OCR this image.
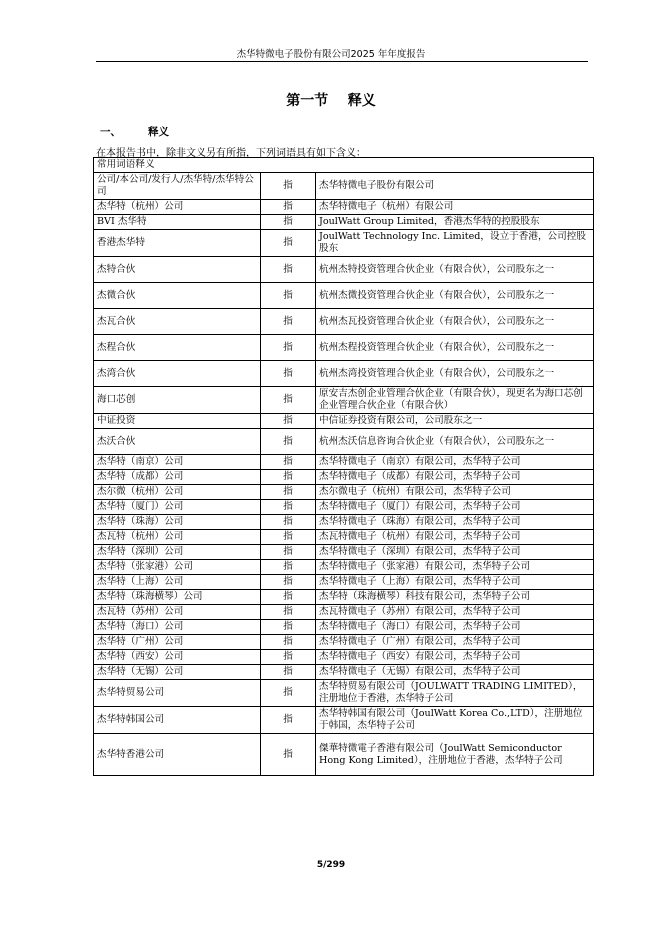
杰华特微电子股份有限公司2025 年年度报告
第一节    释义
一、	释义
在本报告书中，除非文义另有所指，下列词语具有如下含义：
常用词语释义		
公司/本公司/发行人/杰华特/杰华特公司	指	杰华特微电子股份有限公司
杰华特（杭州）公司	指	杰华特微电子（杭州）有限公司
BVI 杰华特	指	JoulWatt Group Limited，香港杰华特的控股股东
香港杰华特	指	JoulWatt Technology Inc. Limited，设立于香港，公司控股股东
杰特合伙	指	杭州杰特投资管理合伙企业（有限合伙），公司股东之一
杰微合伙	指	杭州杰微投资管理合伙企业（有限合伙），公司股东之一
杰瓦合伙	指	杭州杰瓦投资管理合伙企业（有限合伙），公司股东之一
杰程合伙	指	杭州杰程投资管理合伙企业（有限合伙），公司股东之一
杰湾合伙	指	杭州杰湾投资管理合伙企业（有限合伙），公司股东之一
海口芯创	指	原安吉杰创企业管理合伙企业（有限合伙），现更名为海口芯创企业管理合伙企业（有限合伙）
中证投资	指	中信证券投资有限公司，公司股东之一
杰沃合伙	指	杭州杰沃信息咨询合伙企业（有限合伙），公司股东之一
杰华特（南京）公司	指	杰华特微电子（南京）有限公司，杰华特子公司
杰华特（成都）公司	指	杰华特微电子（成都）有限公司，杰华特子公司
杰尔微（杭州）公司	指	杰尔微电子（杭州）有限公司，杰华特子公司
杰华特（厦门）公司	指	杰华特微电子（厦门）有限公司，杰华特子公司
杰华特（珠海）公司	指	杰华特微电子（珠海）有限公司，杰华特子公司
杰瓦特（杭州）公司	指	杰瓦特微电子（杭州）有限公司，杰华特子公司
杰华特（深圳）公司	指	杰华特微电子（深圳）有限公司，杰华特子公司
杰华特（张家港）公司	指	杰华特微电子（张家港）有限公司，杰华特子公司
杰华特（上海）公司	指	杰华特微电子（上海）有限公司，杰华特子公司
杰华特（珠海横琴）公司	指	杰华特（珠海横琴）科技有限公司，杰华特子公司
杰瓦特（苏州）公司	指	杰瓦特微电子（苏州）有限公司，杰华特子公司
杰华特（海口）公司	指	杰华特微电子（海口）有限公司，杰华特子公司
杰华特（广州）公司	指	杰华特微电子（广州）有限公司，杰华特子公司
杰华特（西安）公司	指	杰华特微电子（西安）有限公司，杰华特子公司
杰华特（无锡）公司	指	杰华特微电子（无锡）有限公司，杰华特子公司
杰华特贸易公司	指	杰华特贸易有限公司（JOULWATT TRADING LIMITED），注册地位于香港，杰华特子公司
杰华特韩国公司	指	杰华特韩国有限公司（JoulWatt Korea Co.,LTD），注册地位于韩国，杰华特子公司
杰华特香港公司	指	傑華特微電子香港有限公司（JoulWatt Semiconductor Hong Kong Limited），注册地位于香港，杰华特子公司
5/299
